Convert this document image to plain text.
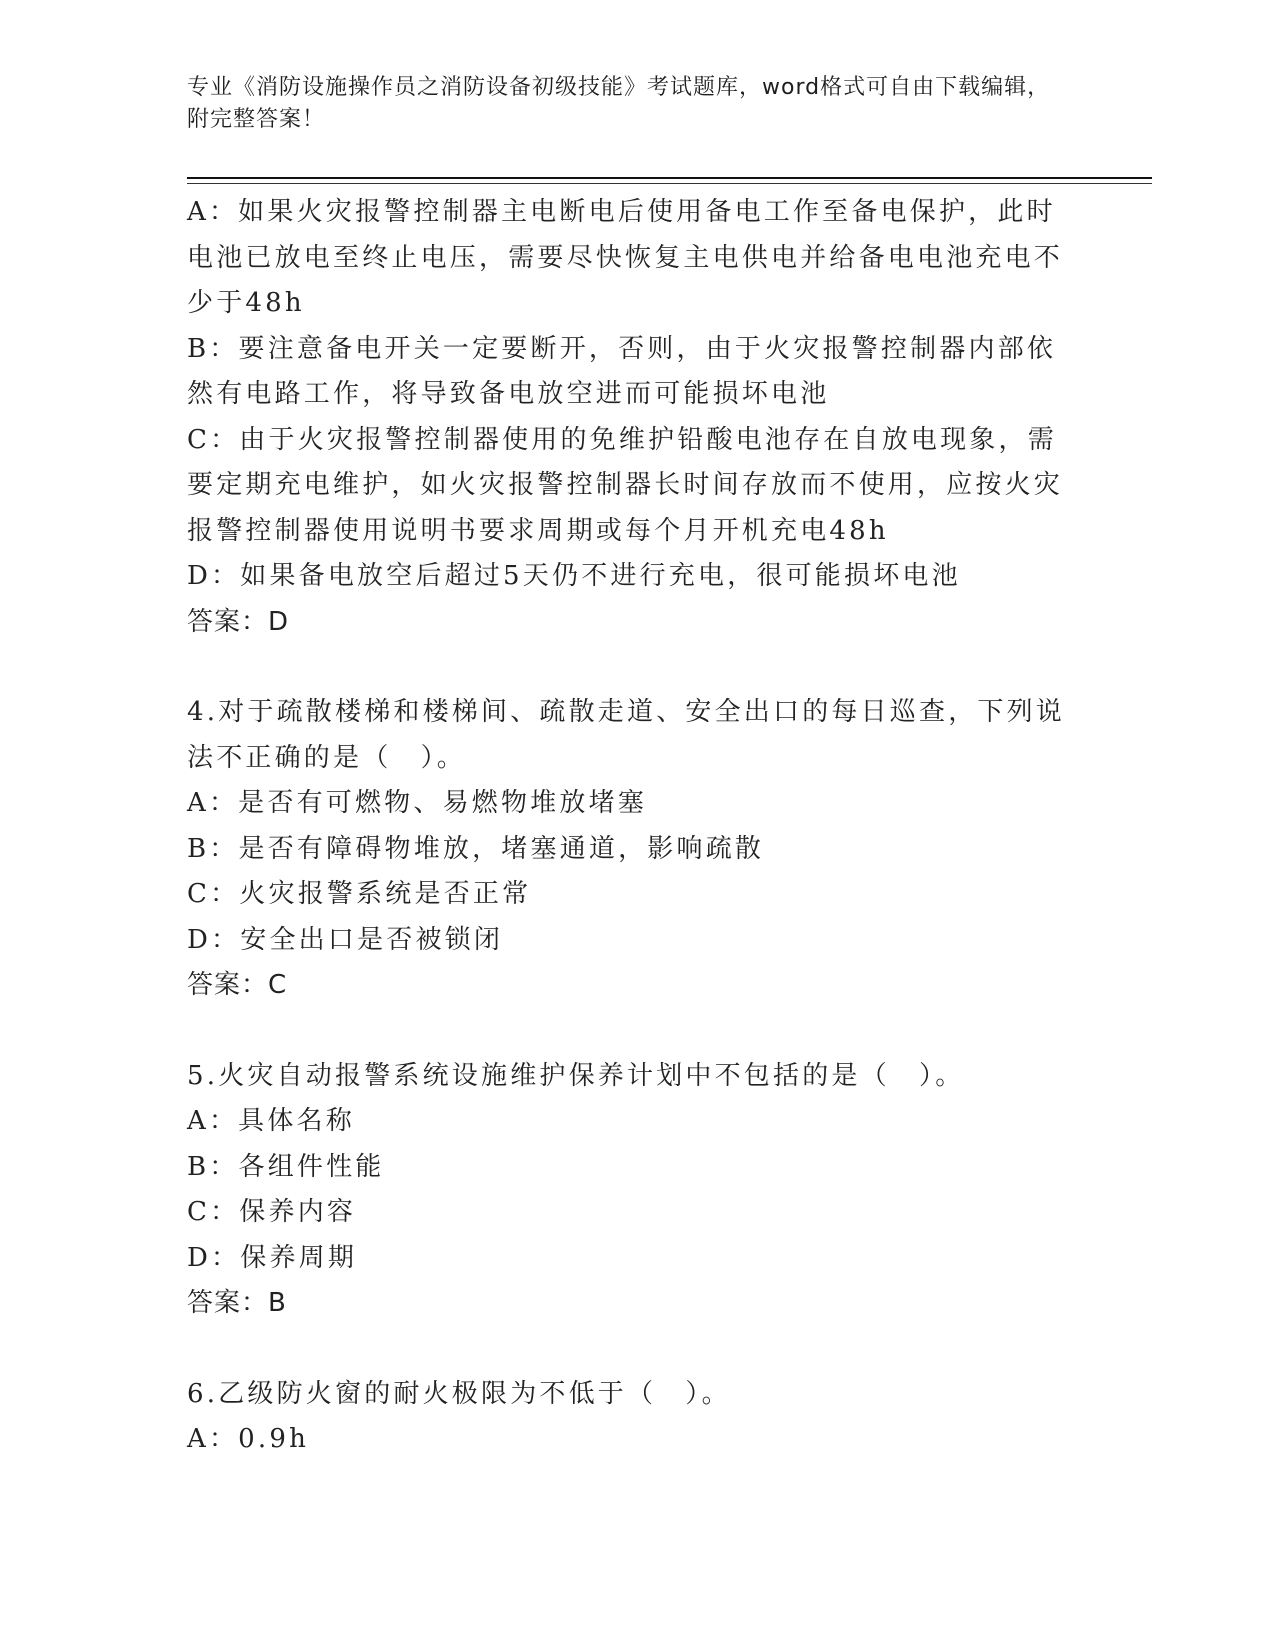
专业《消防设施操作员之消防设备初级技能》考试题库，word格式可自由下载编辑，附完整答案！

A：如果火灾报警控制器主电断电后使用备电工作至备电保护，此时电池已放电至终止电压，需要尽快恢复主电供电并给备电电池充电不少于48h

B：要注意备电开关一定要断开，否则，由于火灾报警控制器内部依然有电路工作，将导致备电放空进而可能损坏电池

C：由于火灾报警控制器使用的免维护铅酸电池存在自放电现象，需要定期充电维护，如火灾报警控制器长时间存放而不使用，应按火灾报警控制器使用说明书要求周期或每个月开机充电48h

D：如果备电放空后超过5天仍不进行充电，很可能损坏电池

答案：D

4.对于疏散楼梯和楼梯间、疏散走道、安全出口的每日巡查，下列说法不正确的是（　）。

A：是否有可燃物、易燃物堆放堵塞

B：是否有障碍物堆放，堵塞通道，影响疏散

C：火灾报警系统是否正常

D：安全出口是否被锁闭

答案：C

5.火灾自动报警系统设施维护保养计划中不包括的是（　）。

A：具体名称

B：各组件性能

C：保养内容

D：保养周期

答案：B

6.乙级防火窗的耐火极限为不低于（　）。

A：0.9h
